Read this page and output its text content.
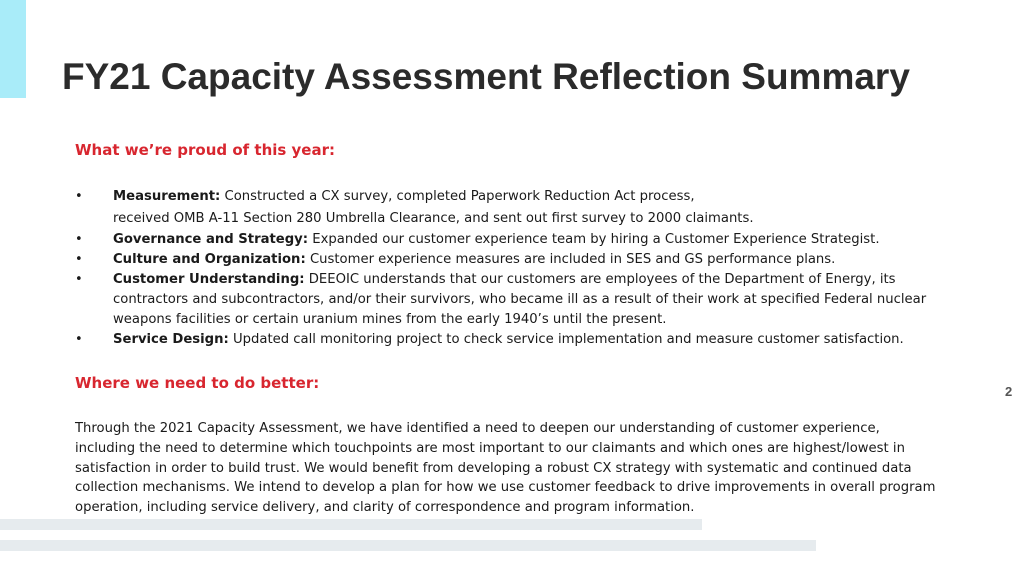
FY21 Capacity Assessment Reflection Summary
What we’re proud of this year:
• Measurement: Constructed a CX survey, completed Paperwork Reduction Act process,
received OMB A-11 Section 280 Umbrella Clearance, and sent out first survey to 2000 claimants.
• Governance and Strategy: Expanded our customer experience team by hiring a Customer Experience Strategist.
• Culture and Organization: Customer experience measures are included in SES and GS performance plans.
• Customer Understanding: DEEOIC understands that our customers are employees of the Department of Energy, its contractors and subcontractors, and/or their survivors, who became ill as a result of their work at specified Federal nuclear weapons facilities or certain uranium mines from the early 1940’s until the present.
• Service Design: Updated call monitoring project to check service implementation and measure customer satisfaction.
Where we need to do better:	2

Through the 2021 Capacity Assessment, we have identified a need to deepen our understanding of customer experience, including the need to determine which touchpoints are most important to our claimants and which ones are highest/lowest in satisfaction in order to build trust. We would benefit from developing a robust CX strategy with systematic and continued data collection mechanisms. We intend to develop a plan for how we use customer feedback to drive improvements in overall program operation, including service delivery, and clarity of correspondence and program information.
